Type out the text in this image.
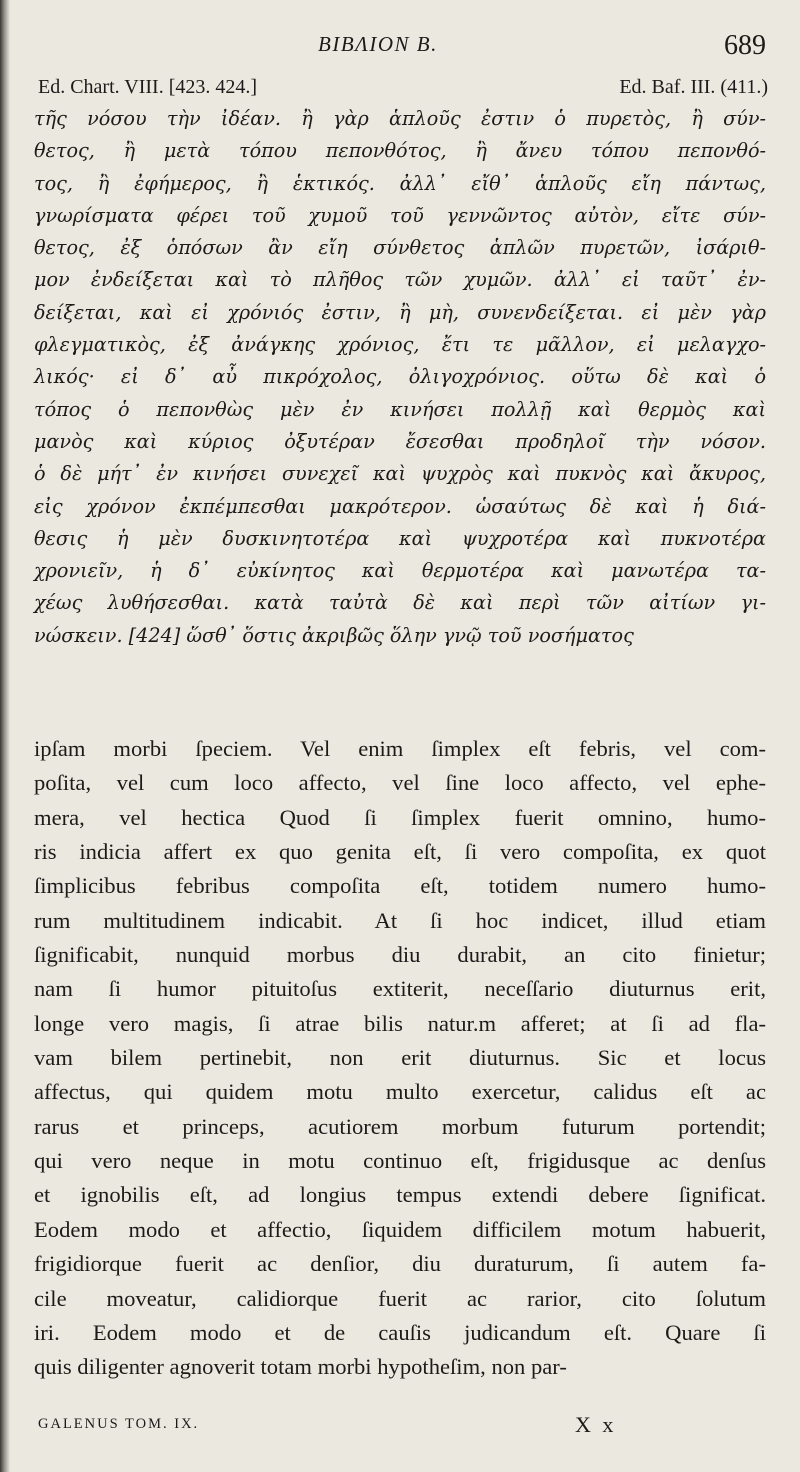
ΒΙΒΛΙΟΝ Β.	689
Ed. Chart. VIII. [423. 424.]	Ed. Baf. III. (411.)
τῆς νόσου τὴν ἰδέαν. ἢ γὰρ ἁπλοῦς ἐστιν ὁ πυρετὸς, ἢ σύν-
θετος, ἢ μετὰ τόπου πεπονθότος, ἢ ἄνευ τόπου πεπονθό-
τος, ἢ ἐφήμερος, ἢ ἑκτικός. ἀλλ᾽ εἴθ᾽ ἁπλοῦς εἴη πάντως,
γνωρίσματα φέρει τοῦ χυμοῦ τοῦ γεννῶντος αὐτὸν, εἴτε σύν-
θετος, ἐξ ὁπόσων ἂν εἴη σύνθετος ἁπλῶν πυρετῶν, ἰσάριθ-
μον ἐνδείξεται καὶ τὸ πλῆθος τῶν χυμῶν. ἀλλ᾽ εἰ ταῦτ᾽ ἐν-
δείξεται, καὶ εἰ χρόνιός ἐστιν, ἢ μὴ, συνενδείξεται. εἰ μὲν γὰρ
φλεγματικὸς, ἐξ ἀνάγκης χρόνιος, ἔτι τε μᾶλλον, εἰ μελαγχο-
λικός· εἰ δ᾽ αὖ πικρόχολος, ὀλιγοχρόνιος. οὕτω δὲ καὶ ὁ
τόπος ὁ πεπονθὼς μὲν ἐν κινήσει πολλῇ καὶ θερμὸς καὶ
μανὸς καὶ κύριος ὀξυτέραν ἔσεσθαι προδηλοῖ τὴν νόσον.
ὁ δὲ μήτ᾽ ἐν κινήσει συνεχεῖ καὶ ψυχρὸς καὶ πυκνὸς καὶ ἄκυρος,
εἰς χρόνον ἐκπέμπεσθαι μακρότερον. ὡσαύτως δὲ καὶ ἡ διά-
θεσις ἡ μὲν δυσκινητοτέρα καὶ ψυχροτέρα καὶ πυκνοτέρα
χρονιεῖν, ἡ δ᾽ εὐκίνητος καὶ θερμοτέρα καὶ μανωτέρα τα-
χέως λυθήσεσθαι. κατὰ ταὐτὰ δὲ καὶ περὶ τῶν αἰτίων γι-
νώσκειν. [424] ὥσθ᾽ ὅστις ἀκριβῶς ὅλην γνῷ τοῦ νοσήματος
ipſam morbi ſpeciem. Vel enim ſimplex eſt febris, vel com-
poſita, vel cum loco affecto, vel ſine loco affecto, vel ephe-
mera, vel hectica Quod ſi ſimplex fuerit omnino, humo-
ris indicia affert ex quo genita eſt, ſi vero compoſita, ex quot
ſimplicibus febribus compoſita eſt, totidem numero humo-
rum multitudinem indicabit. At ſi hoc indicet, illud etiam
ſignificabit, nunquid morbus diu durabit, an cito finietur;
nam ſi humor pituitoſus extiterit, neceſſario diuturnus erit,
longe vero magis, ſi atrae bilis natur.m afferet; at ſi ad fla-
vam bilem pertinebit, non erit diuturnus. Sic et locus
affectus, qui quidem motu multo exercetur, calidus eſt ac
rarus et princeps, acutiorem morbum futurum portendit;
qui vero neque in motu continuo eſt, frigidusque ac denſus
et ignobilis eſt, ad longius tempus extendi debere ſignificat.
Eodem modo et affectio, ſiquidem difficilem motum habuerit,
frigidiorque fuerit ac denſior, diu duraturum, ſi autem fa-
cile moveatur, calidiorque fuerit ac rarior, cito ſolutum
iri. Eodem modo et de cauſis judicandum eſt. Quare ſi
quis diligenter agnoverit totam morbi hypotheſim, non par-
GALENUS TOM. IX.	X x
